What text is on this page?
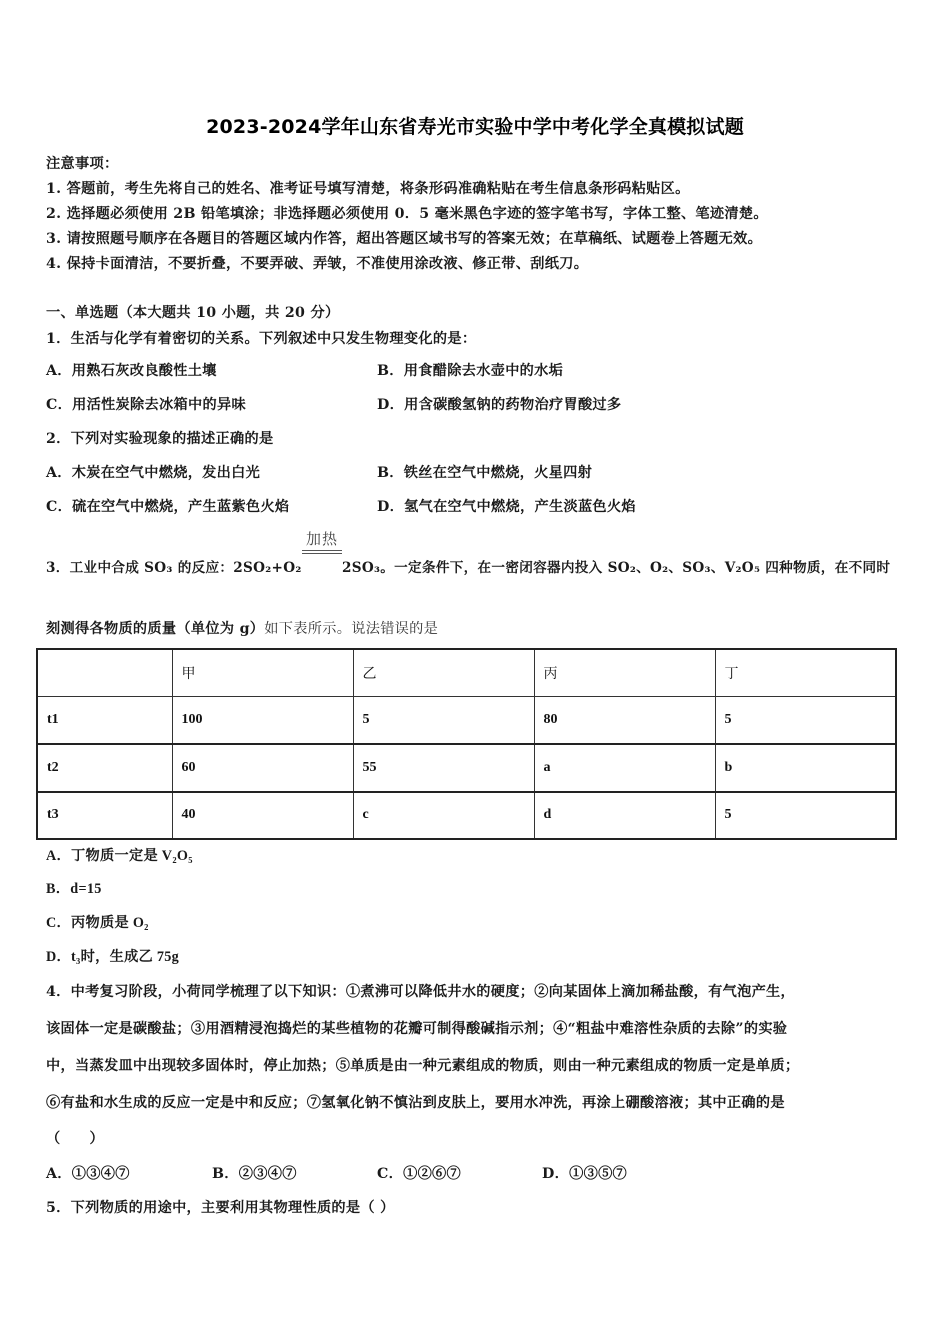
2023-2024学年山东省寿光市实验中学中考化学全真模拟试题
注意事项：
1. 答题前，考生先将自己的姓名、准考证号填写清楚，将条形码准确粘贴在考生信息条形码粘贴区。
2. 选择题必须使用 2B 铅笔填涂；非选择题必须使用 0．5 毫米黑色字迹的签字笔书写，字体工整、笔迹清楚。
3. 请按照题号顺序在各题目的答题区域内作答，超出答题区域书写的答案无效；在草稿纸、试题卷上答题无效。
4. 保持卡面清洁，不要折叠，不要弄破、弄皱，不准使用涂改液、修正带、刮纸刀。
一、单选题（本大题共 10 小题，共 20 分）
1．生活与化学有着密切的关系。下列叙述中只发生物理变化的是：
A．用熟石灰改良酸性土壤	B．用食醋除去水壶中的水垢
C．用活性炭除去冰箱中的异味	D．用含碳酸氢钠的药物治疗胃酸过多
2．下列对实验现象的描述正确的是
A．木炭在空气中燃烧，发出白光	B．铁丝在空气中燃烧，火星四射
C．硫在空气中燃烧，产生蓝紫色火焰	D．氢气在空气中燃烧，产生淡蓝色火焰
3．工业中合成 SO₃ 的反应：2SO₂+O₂
加热
2SO₃。一定条件下，在一密闭容器内投入 SO₂、O₂、SO₃、V₂O₅ 四种物质，在不同时
刻测得各物质的质量（单位为 g）如下表所示。说法错误的是
	甲	乙	丙	丁
t1	100	5	80	5
t2	60	55	a	b
t3	40	c	d	5
A．丁物质一定是 V₂O₅
B．d=15
C．丙物质是 O₂
D．t₃时，生成乙 75g
4．中考复习阶段，小荷同学梳理了以下知识：①煮沸可以降低井水的硬度；②向某固体上滴加稀盐酸，有气泡产生，
该固体一定是碳酸盐；③用酒精浸泡捣烂的某些植物的花瓣可制得酸碱指示剂；④“粗盐中难溶性杂质的去除”的实验
中，当蒸发皿中出现较多固体时，停止加热；⑤单质是由一种元素组成的物质，则由一种元素组成的物质一定是单质；
⑥有盐和水生成的反应一定是中和反应；⑦氢氧化钠不慎沾到皮肤上，要用水冲洗，再涂上硼酸溶液；其中正确的是
（　　）
A．①③④⑦	B．②③④⑦	C．①②⑥⑦	D．①③⑤⑦
5．下列物质的用途中，主要利用其物理性质的是（ ）
